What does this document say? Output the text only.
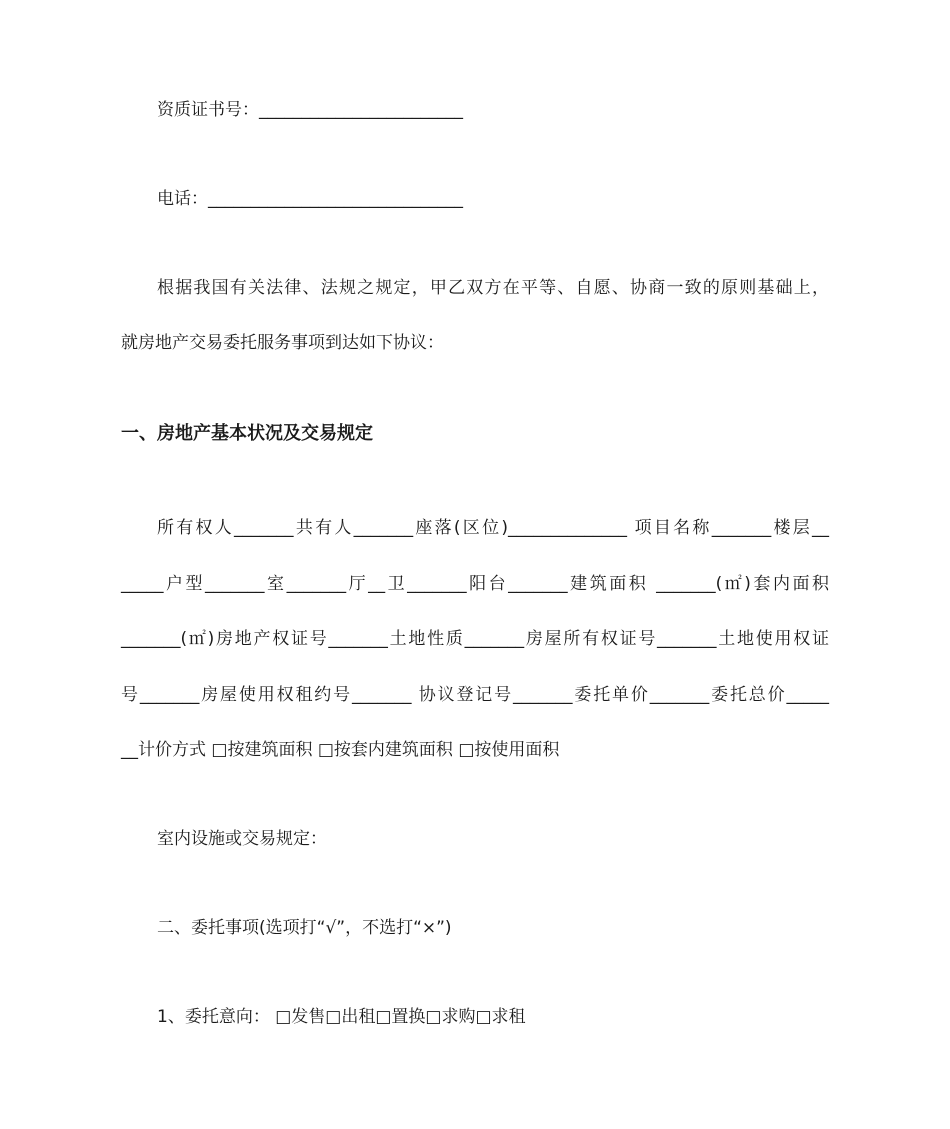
资质证书号：________________________
电话：______________________________
根据我国有关法律、法规之规定，甲乙双方在平等、自愿、协商一致的原则基础上，
就房地产交易委托服务事项到达如下协议：
一、房地产基本状况及交易规定
所有权人_______共有人_______座落(区位)______________ 项目名称_______楼层__
_____户型_______室_______厅__卫_______阳台_______建筑面积 _______(㎡)套内面积
_______(㎡)房地产权证号_______土地性质_______房屋所有权证号_______土地使用权证
号_______房屋使用权租约号_______ 协议登记号_______委托单价_______委托总价_____
__计价方式 □按建筑面积 □按套内建筑面积 □按使用面积
室内设施或交易规定：
二、委托事项(选项打“√”，不选打“×”)
1、委托意向： □发售□出租□置换□求购□求租
